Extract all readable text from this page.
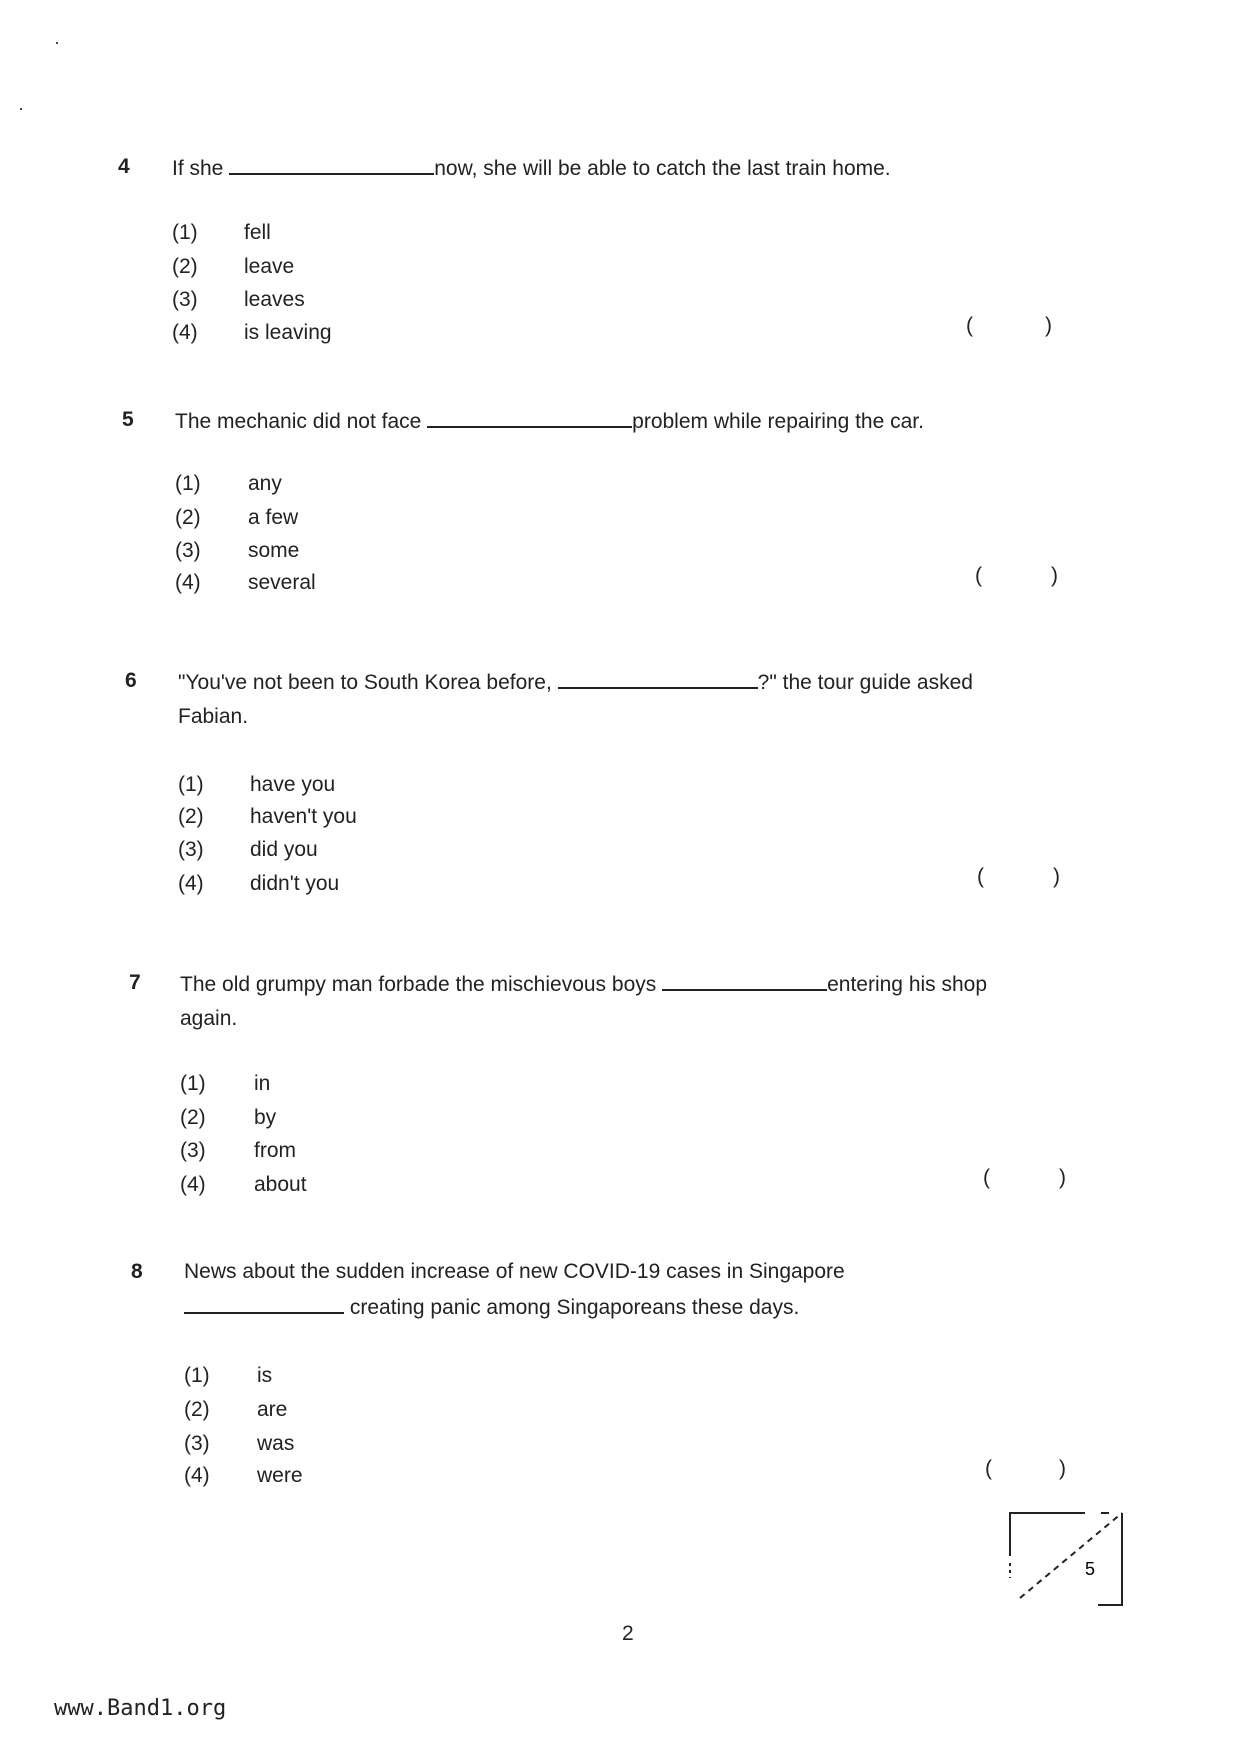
4 If she	now, she will be able to catch the last train home.
(1) fell
(2) leave
(3) leaves
(4) is leaving	(	)
5 The mechanic did not face	problem while repairing the car.
(1) any
(2) a few
(3) some
(4) several	(	)
6 "You've not been to South Korea before,	?" the tour guide asked
Fabian.
(1) have you
(2) haven't you
(3) did you
(4) didn't you	(	)
7 The old grumpy man forbade the mischievous boys	entering his shop
again.
(1) in
(2) by
(3) from
(4) about	(	)
8 News about the sudden increase of new COVID-19 cases in Singapore
creating panic among Singaporeans these days.
(1) is
(2) are
(3) was
(4) were	(	)
5
2
www.Band1.org
